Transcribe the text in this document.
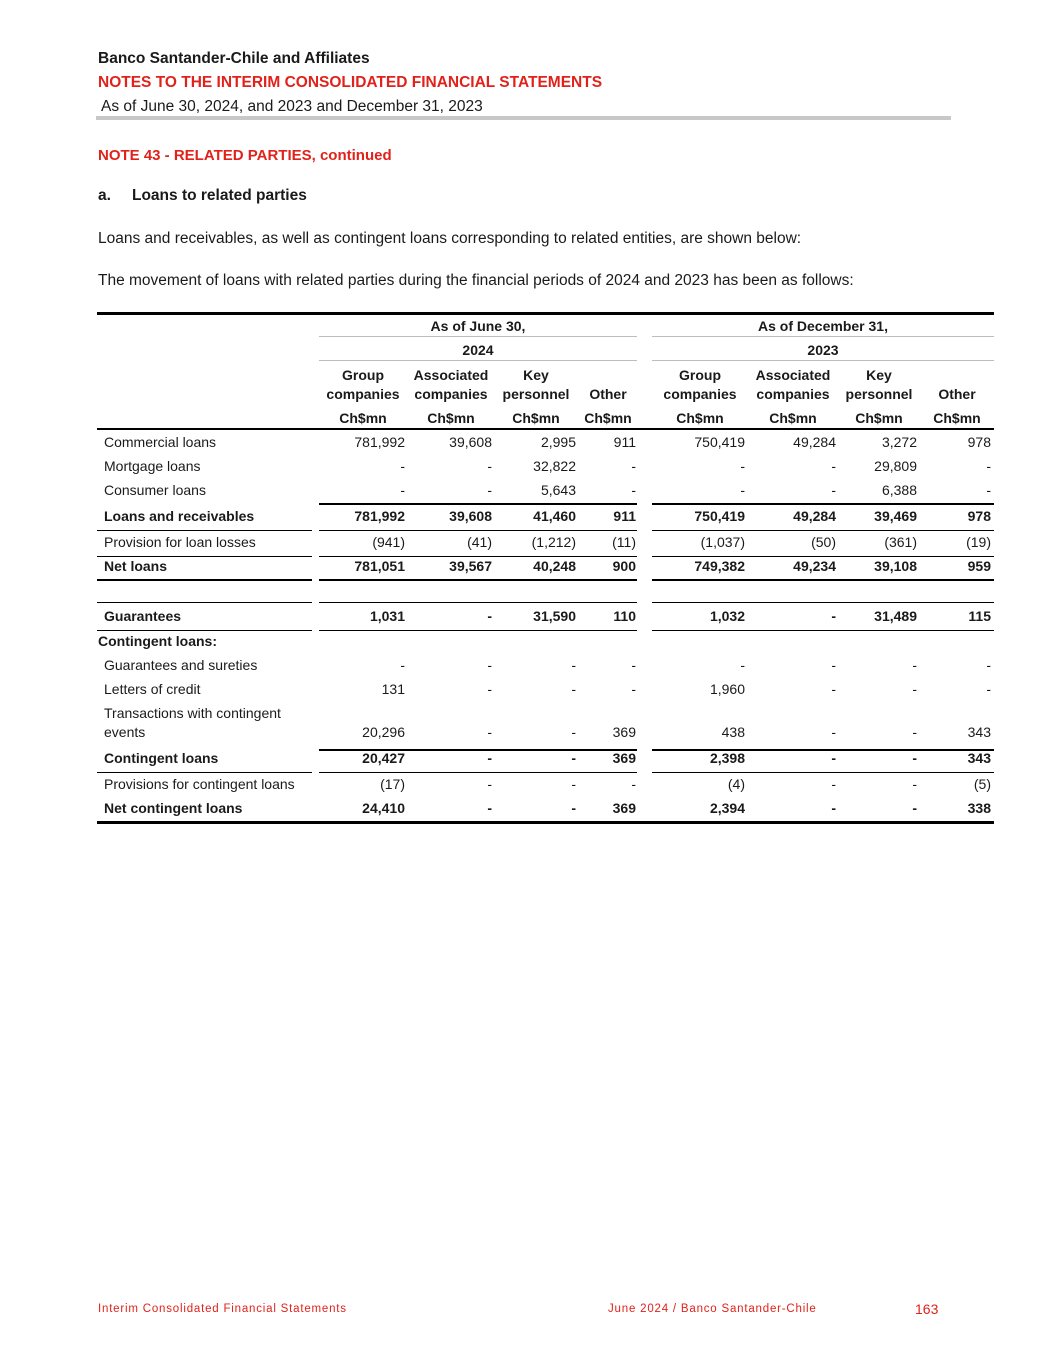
Banco Santander-Chile and Affiliates
NOTES TO THE INTERIM CONSOLIDATED FINANCIAL STATEMENTS
As of June 30, 2024, and 2023 and December 31, 2023
NOTE 43 - RELATED PARTIES, continued
a. Loans to related parties
Loans and receivables, as well as contingent loans corresponding to related entities, are shown below:
The movement of loans with related parties during the financial periods of 2024 and 2023 has been as follows:
As of June 30,	As of December 31,
2024	2023
Group	Associated	Key	Group	Associated	Key
companies	companies	personnel	Other	companies	companies	personnel	Other
Ch$mn	Ch$mn	Ch$mn	Ch$mn	Ch$mn	Ch$mn	Ch$mn	Ch$mn
Commercial loans	781,992	39,608	2,995	911	750,419	49,284	3,272	978
Mortgage loans	-	-	32,822	-	-	-	29,809	-
Consumer loans	-	-	5,643	-	-	-	6,388	-
Loans and receivables	781,992	39,608	41,460	911	750,419	49,284	39,469	978
Provision for loan losses	(941)	(41)	(1,212)	(11)	(1,037)	(50)	(361)	(19)
Net loans	781,051	39,567	40,248	900	749,382	49,234	39,108	959
Guarantees	1,031	-	31,590	110	1,032	-	31,489	115
Contingent loans:
Guarantees and sureties	-	-	-	-	-	-	-	-
Letters of credit	131	-	-	-	1,960	-	-	-
Transactions with contingent
events	20,296	-	-	369	438	-	-	343
Contingent loans	20,427	-	-	369	2,398	-	-	343
Provisions for contingent loans	(17)	-	-	-	(4)	-	-	(5)
Net contingent loans	24,410	-	-	369	2,394	-	-	338
Interim Consolidated Financial Statements	June 2024 / Banco Santander-Chile	163
